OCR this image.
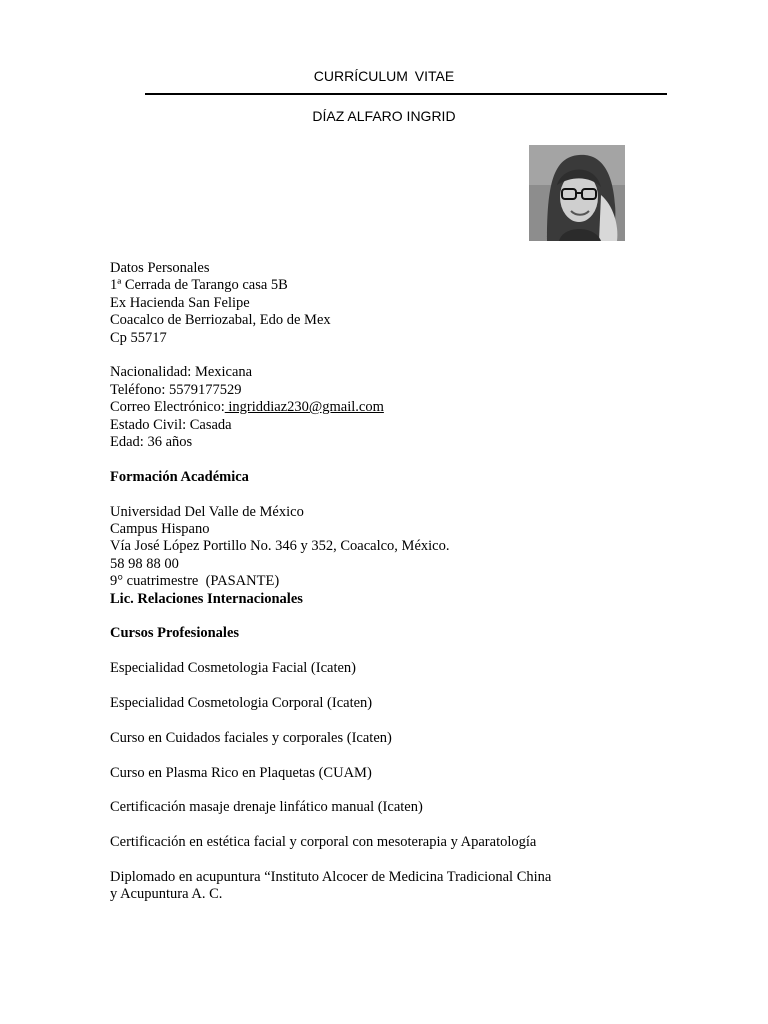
CURRÍCULUM VITAE
DÍAZ ALFARO INGRID
Datos Personales
1ª Cerrada de Tarango casa 5B
Ex Hacienda San Felipe
Coacalco de Berriozabal, Edo de Mex
Cp 55717
Nacionalidad: Mexicana
Teléfono: 5579177529
Correo Electrónico: ingriddiaz230@gmail.com
Estado Civil: Casada
Edad: 36 años
Formación Académica
Universidad Del Valle de México
Campus Hispano
Vía José López Portillo No. 346 y 352, Coacalco, México.
58 98 88 00
9° cuatrimestre  (PASANTE)
Lic. Relaciones Internacionales
Cursos Profesionales
Especialidad Cosmetologia Facial (Icaten)
Especialidad Cosmetologia Corporal (Icaten)
Curso en Cuidados faciales y corporales (Icaten)
Curso en Plasma Rico en Plaquetas (CUAM)
Certificación masaje drenaje linfático manual (Icaten)
Certificación en estética facial y corporal con mesoterapia y Aparatología
Diplomado en acupuntura “Instituto Alcocer de Medicina Tradicional China
y Acupuntura A. C.
